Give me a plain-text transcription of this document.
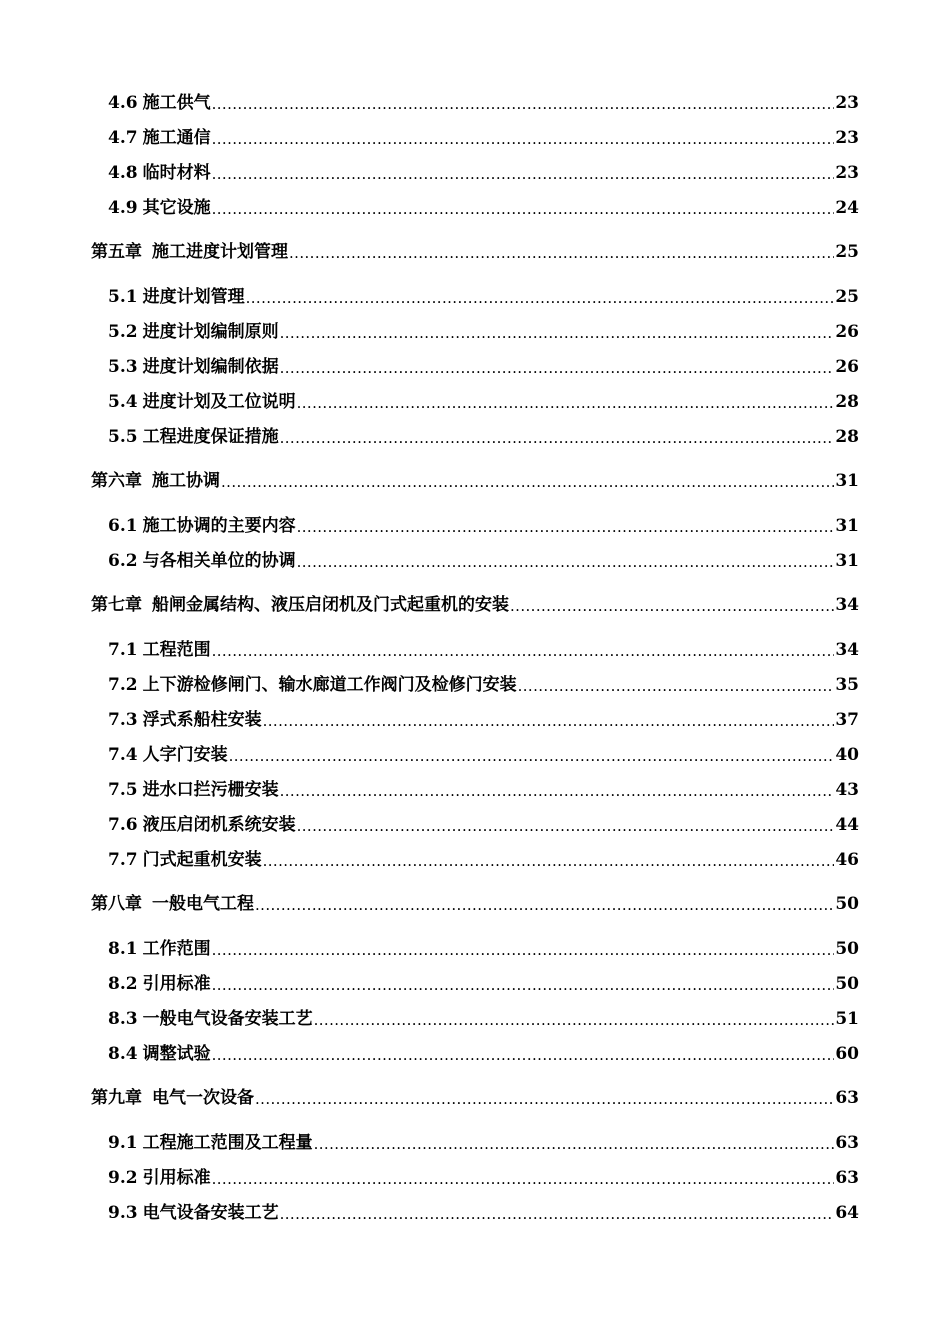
4.6 施工供气 .....	23
4.7 施工通信 .....	23
4.8 临时材料 .....	23
4.9 其它设施 .....	24
第五章 施工进度计划管理 .....	25
5.1 进度计划管理 .....	25
5.2 进度计划编制原则 .....	26
5.3 进度计划编制依据 .....	26
5.4 进度计划及工位说明 .....	28
5.5 工程进度保证措施 .....	28
第六章 施工协调 .....	31
6.1 施工协调的主要内容 .....	31
6.2 与各相关单位的协调 .....	31
第七章 船闸金属结构、液压启闭机及门式起重机的安装 .....	34
7.1 工程范围 .....	34
7.2 上下游检修闸门、输水廊道工作阀门及检修门安装 .....	35
7.3 浮式系船柱安装 .....	37
7.4 人字门安装 .....	40
7.5 进水口拦污栅安装 .....	43
7.6 液压启闭机系统安装 .....	44
7.7 门式起重机安装 .....	46
第八章 一般电气工程 .....	50
8.1 工作范围 .....	50
8.2 引用标准 .....	50
8.3 一般电气设备安装工艺 .....	51
8.4 调整试验 .....	60
第九章 电气一次设备 .....	63
9.1 工程施工范围及工程量 .....	63
9.2 引用标准 .....	63
9.3 电气设备安装工艺 .....	64
